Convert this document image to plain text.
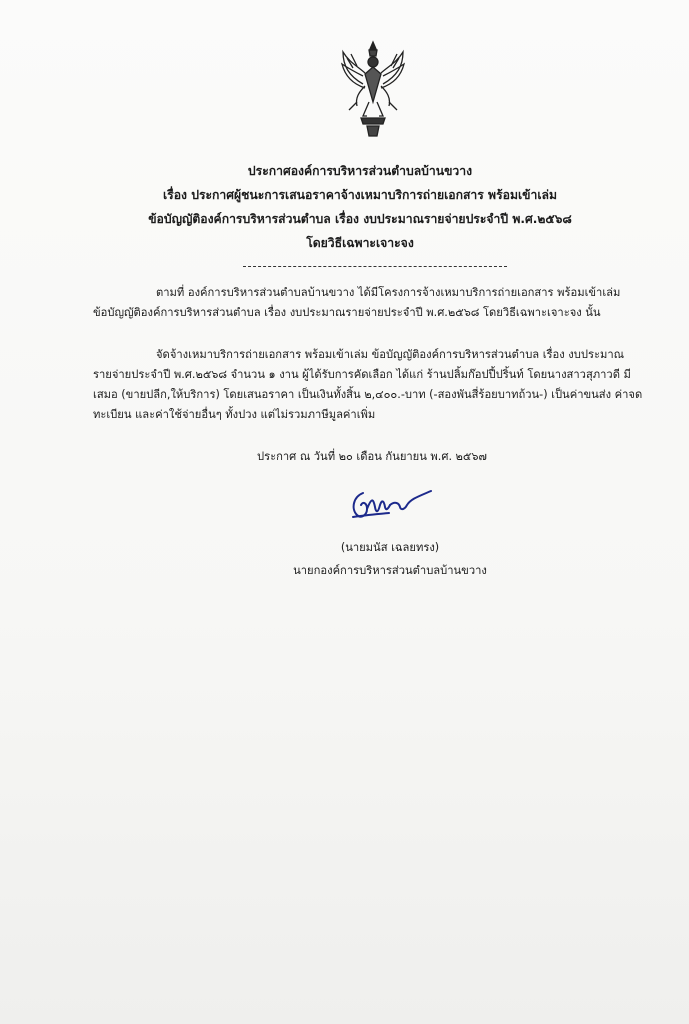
ประกาศองค์การบริหารส่วนตำบลบ้านขวาง
เรื่อง ประกาศผู้ชนะการเสนอราคาจ้างเหมาบริการถ่ายเอกสาร พร้อมเข้าเล่ม
ข้อบัญญัติองค์การบริหารส่วนตำบล เรื่อง งบประมาณรายจ่ายประจำปี พ.ศ.๒๕๖๘
โดยวิธีเฉพาะเจาะจง
ตามที่ องค์การบริหารส่วนตำบลบ้านขวาง ได้มีโครงการจ้างเหมาบริการถ่ายเอกสาร พร้อมเข้าเล่ม
ข้อบัญญัติองค์การบริหารส่วนตำบล เรื่อง งบประมาณรายจ่ายประจำปี พ.ศ.๒๕๖๘ โดยวิธีเฉพาะเจาะจง นั้น
จัดจ้างเหมาบริการถ่ายเอกสาร พร้อมเข้าเล่ม ข้อบัญญัติองค์การบริหารส่วนตำบล เรื่อง งบประมาณ
รายจ่ายประจำปี พ.ศ.๒๕๖๘ จำนวน ๑ งาน ผู้ได้รับการคัดเลือก ได้แก่ ร้านปลิ้มก๊อปปี้ปริ้นท์ โดยนางสาวสุภาวดี มี
เสมอ (ขายปลีก,ให้บริการ) โดยเสนอราคา เป็นเงินทั้งสิ้น ๒,๔๐๐.-บาท (-สองพันสี่ร้อยบาทถ้วน-) เป็นค่าขนส่ง ค่าจด
ทะเบียน และค่าใช้จ่ายอื่นๆ ทั้งปวง แต่ไม่รวมภาษีมูลค่าเพิ่ม
ประกาศ ณ วันที่ ๒๐ เดือน กันยายน พ.ศ. ๒๕๖๗
(นายมนัส เฉลยทรง)
นายกองค์การบริหารส่วนตำบลบ้านขวาง
